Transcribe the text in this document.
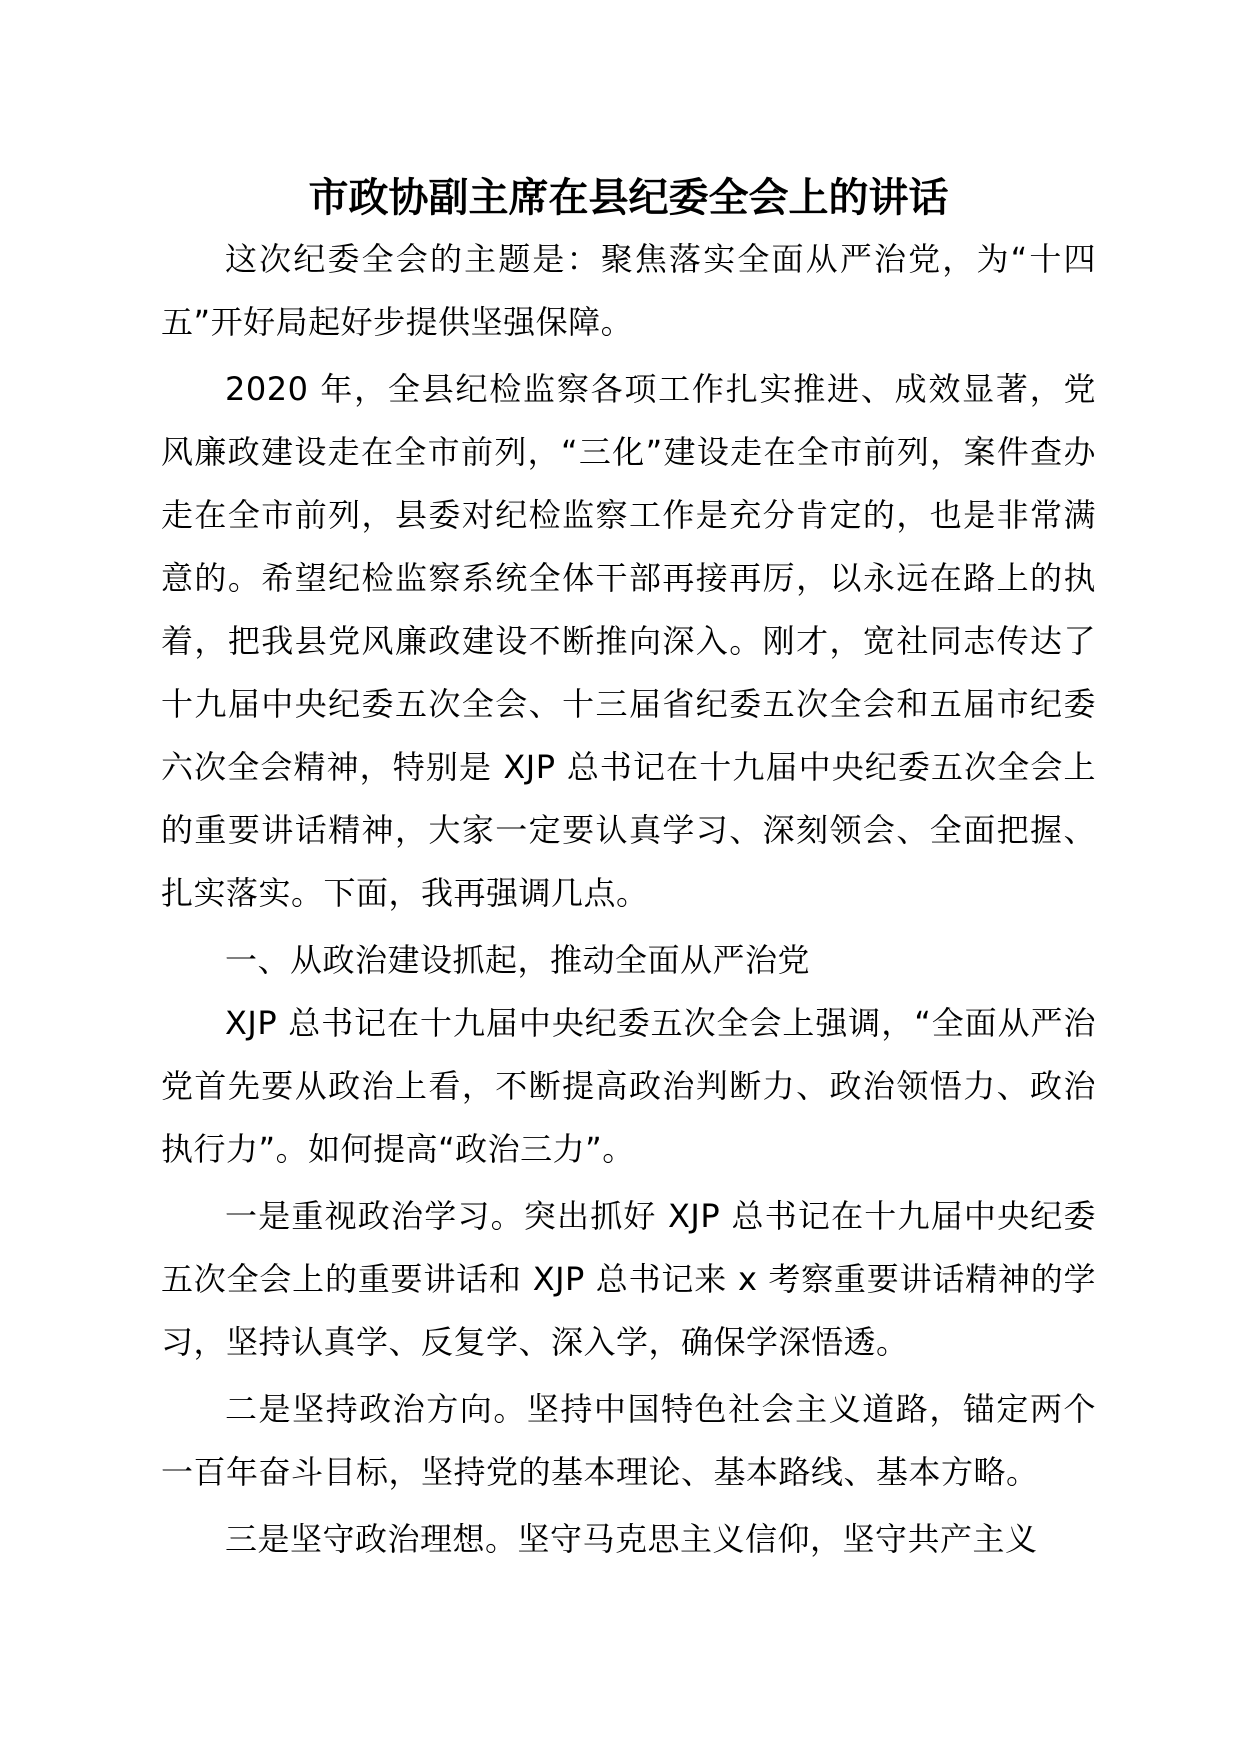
市政协副主席在县纪委全会上的讲话

这次纪委全会的主题是：聚焦落实全面从严治党，为“十四五”开好局起好步提供坚强保障。

2020 年，全县纪检监察各项工作扎实推进、成效显著，党风廉政建设走在全市前列，“三化”建设走在全市前列，案件查办走在全市前列，县委对纪检监察工作是充分肯定的，也是非常满意的。希望纪检监察系统全体干部再接再厉，以永远在路上的执着，把我县党风廉政建设不断推向深入。刚才，宽社同志传达了十九届中央纪委五次全会、十三届省纪委五次全会和五届市纪委六次全会精神，特别是 XJP 总书记在十九届中央纪委五次全会上的重要讲话精神，大家一定要认真学习、深刻领会、全面把握、扎实落实。下面，我再强调几点。

一、从政治建设抓起，推动全面从严治党

XJP 总书记在十九届中央纪委五次全会上强调，“全面从严治党首先要从政治上看，不断提高政治判断力、政治领悟力、政治执行力”。如何提高“政治三力”。

一是重视政治学习。突出抓好 XJP 总书记在十九届中央纪委五次全会上的重要讲话和 XJP 总书记来 x 考察重要讲话精神的学习，坚持认真学、反复学、深入学，确保学深悟透。

二是坚持政治方向。坚持中国特色社会主义道路，锚定两个一百年奋斗目标，坚持党的基本理论、基本路线、基本方略。

三是坚守政治理想。坚守马克思主义信仰，坚守共产主义
